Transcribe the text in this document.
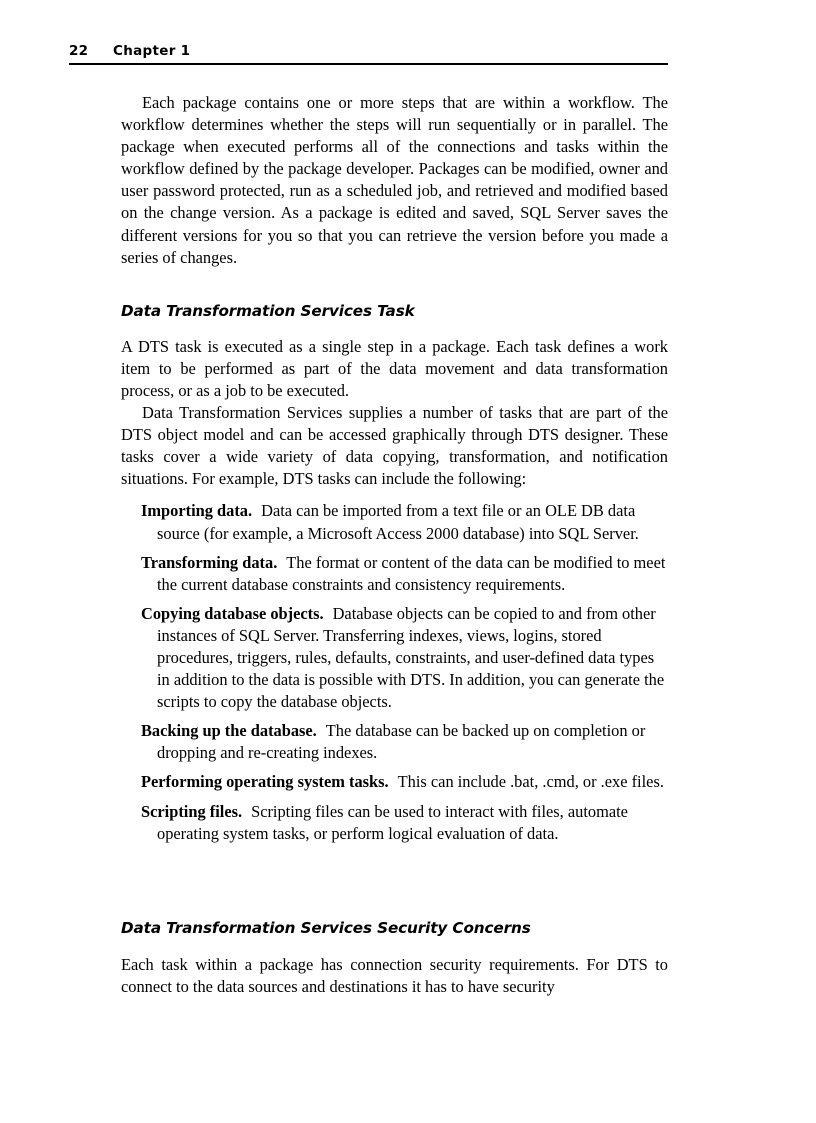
22 Chapter 1

Each package contains one or more steps that are within a workflow. The workflow determines whether the steps will run sequentially or in parallel. The package when executed performs all of the connections and tasks within the workflow defined by the package developer. Packages can be modified, owner and user password protected, run as a scheduled job, and retrieved and modified based on the change version. As a package is edited and saved, SQL Server saves the different versions for you so that you can retrieve the version before you made a series of changes.

Data Transformation Services Task

A DTS task is executed as a single step in a package. Each task defines a work item to be performed as part of the data movement and data transformation process, or as a job to be executed.

Data Transformation Services supplies a number of tasks that are part of the DTS object model and can be accessed graphically through DTS designer. These tasks cover a wide variety of data copying, transformation, and notification situations. For example, DTS tasks can include the following:

Importing data. Data can be imported from a text file or an OLE DB data source (for example, a Microsoft Access 2000 database) into SQL Server.
Transforming data. The format or content of the data can be modified to meet the current database constraints and consistency requirements.
Copying database objects. Database objects can be copied to and from other instances of SQL Server. Transferring indexes, views, logins, stored procedures, triggers, rules, defaults, constraints, and user-defined data types in addition to the data is possible with DTS. In addition, you can generate the scripts to copy the database objects.
Backing up the database. The database can be backed up on completion or dropping and re-creating indexes.
Performing operating system tasks. This can include .bat, .cmd, or .exe files.
Scripting files. Scripting files can be used to interact with files, automate operating system tasks, or perform logical evaluation of data.
Data Transformation Services Security Concerns

Each task within a package has connection security requirements. For DTS to connect to the data sources and destinations it has to have security
